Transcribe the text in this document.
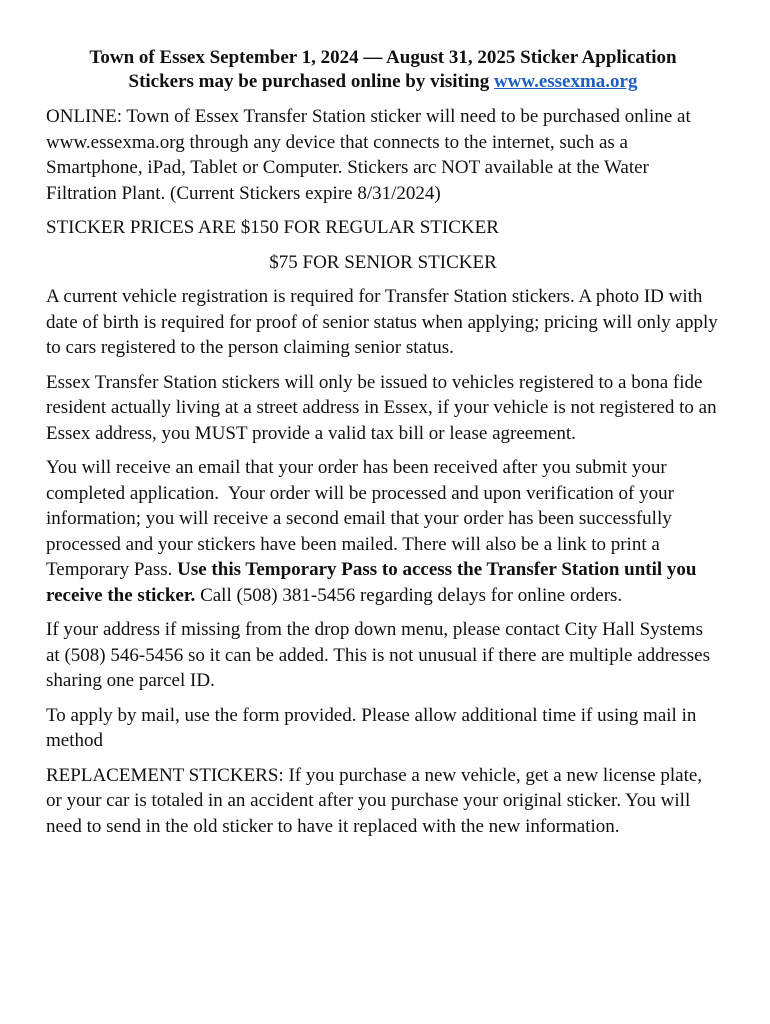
Town of Essex September 1, 2024 — August 31, 2025 Sticker Application
Stickers may be purchased online by visiting www.essexma.org

ONLINE: Town of Essex Transfer Station sticker will need to be purchased online at www.essexma.org through any device that connects to the internet, such as a Smartphone, iPad, Tablet or Computer. Stickers arc NOT available at the Water Filtration Plant. (Current Stickers expire 8/31/2024)

STICKER PRICES ARE $150 FOR REGULAR STICKER

$75 FOR SENIOR STICKER

A current vehicle registration is required for Transfer Station stickers. A photo ID with date of birth is required for proof of senior status when applying; pricing will only apply to cars registered to the person claiming senior status.

Essex Transfer Station stickers will only be issued to vehicles registered to a bona fide resident actually living at a street address in Essex, if your vehicle is not registered to an Essex address, you MUST provide a valid tax bill or lease agreement.

You will receive an email that your order has been received after you submit your completed application.  Your order will be processed and upon verification of your information; you will receive a second email that your order has been successfully processed and your stickers have been mailed. There will also be a link to print a Temporary Pass. Use this Temporary Pass to access the Transfer Station until you receive the sticker. Call (508) 381-5456 regarding delays for online orders.

If your address if missing from the drop down menu, please contact City Hall Systems at (508) 546-5456 so it can be added. This is not unusual if there are multiple addresses sharing one parcel ID.

To apply by mail, use the form provided. Please allow additional time if using mail in method

REPLACEMENT STICKERS: If you purchase a new vehicle, get a new license plate, or your car is totaled in an accident after you purchase your original sticker. You will need to send in the old sticker to have it replaced with the new information.
